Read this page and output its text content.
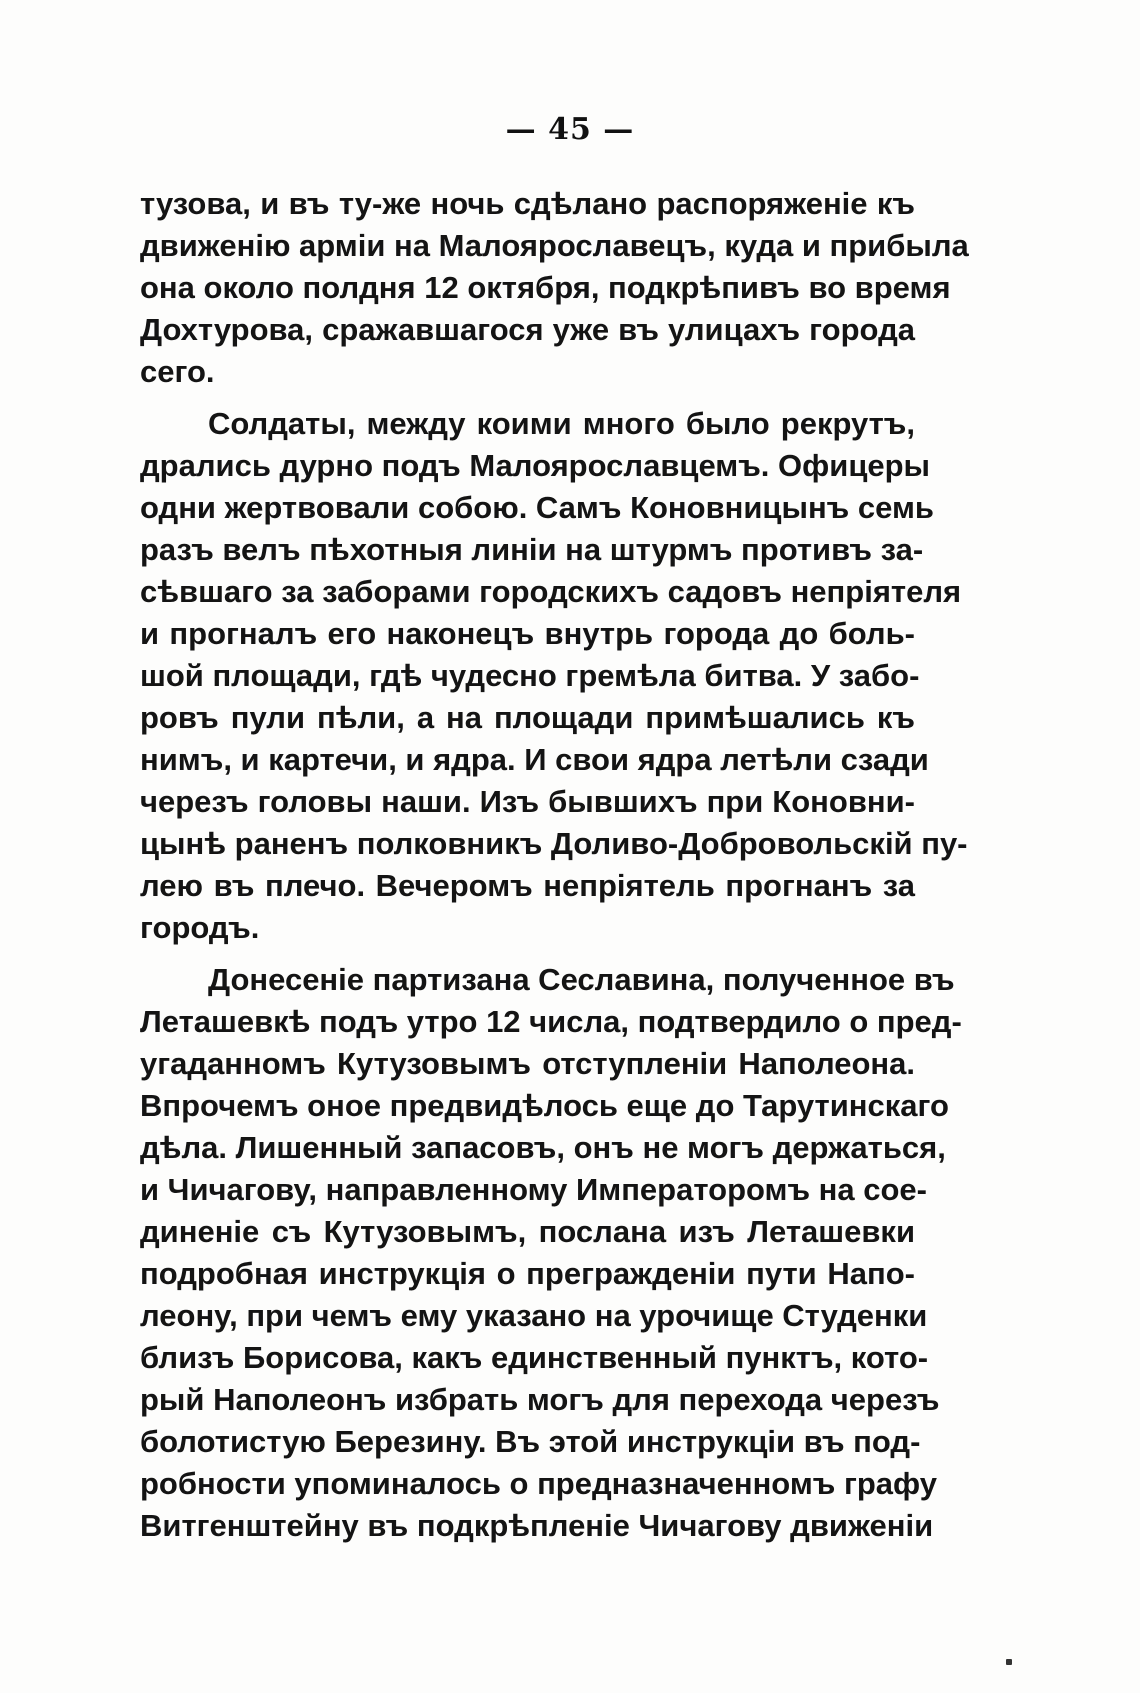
— 45 —
тузова, и въ ту-же ночь сдѣлано распоряженіе къ
движенію арміи на Малоярославецъ, куда и прибыла
она около полдня 12 октября, подкрѣпивъ во время
Дохтурова, сражавшагося уже въ улицахъ города
сего.
Солдаты, между коими много было рекрутъ,
дрались дурно подъ Малоярославцемъ. Офицеры
одни жертвовали собою. Самъ Коновницынъ семь
разъ велъ пѣхотныя линіи на штурмъ противъ за-
сѣвшаго за заборами городскихъ садовъ непріятеля
и прогналъ его наконецъ внутрь города до боль-
шой площади, гдѣ чудесно гремѣла битва. У забо-
ровъ пули пѣли, а на площади примѣшались къ
нимъ, и картечи, и ядра. И свои ядра летѣли сзади
черезъ головы наши. Изъ бывшихъ при Коновни-
цынѣ раненъ полковникъ Доливо-Добровольскій пу-
лею въ плечо. Вечеромъ непріятель прогнанъ за
городъ.
Донесеніе партизана Сеславина, полученное въ
Леташевкѣ подъ утро 12 числа, подтвердило о пред-
угаданномъ Кутузовымъ отступленіи Наполеона.
Впрочемъ оное предвидѣлось еще до Тарутинскаго
дѣла. Лишенный запасовъ, онъ не могъ держаться,
и Чичагову, направленному Императоромъ на сое-
диненіе съ Кутузовымъ, послана изъ Леташевки
подробная инструкція о преграждeніи пути Напо-
леону, при чемъ ему указано на урочище Студенки
близъ Борисова, какъ единственный пунктъ, кото-
рый Наполеонъ избрать могъ для перехода черезъ
болотистую Березину. Въ этой инструкціи въ под-
робности упоминалось о предназначенномъ графу
Витгенштейну въ подкрѣпленіе Чичагову движеніи
